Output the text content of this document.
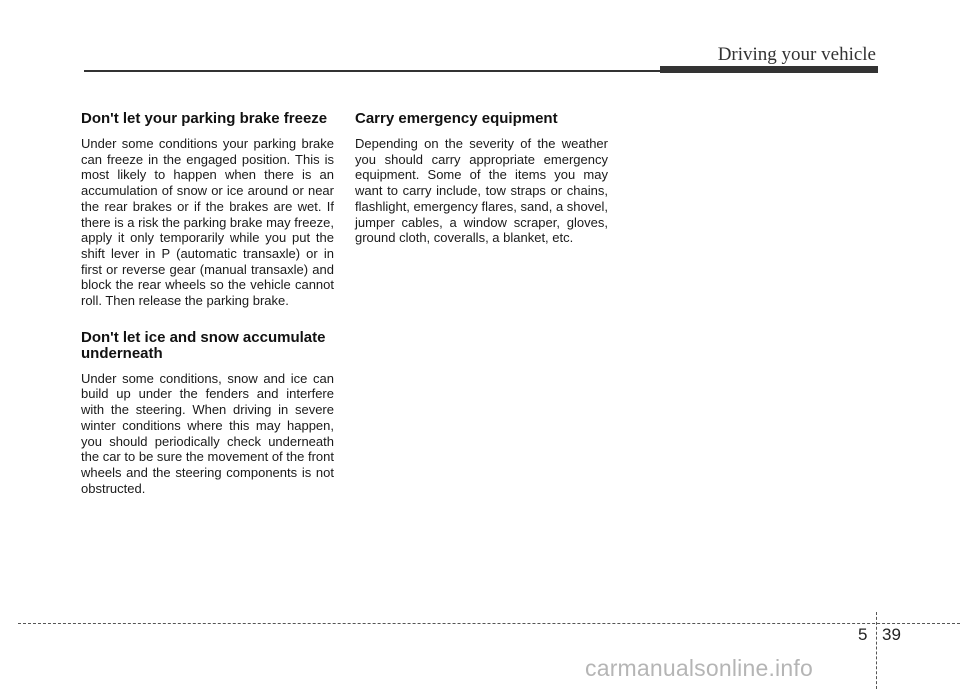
Driving your vehicle
Don't let your parking brake freeze

Under some conditions your parking brake can freeze in the engaged position. This is most likely to happen when there is an accumulation of snow or ice around or near the rear brakes or if the brakes are wet. If there is a risk the parking brake may freeze, apply it only temporarily while you put the shift lever in P (automatic transaxle) or in first or reverse gear (manual transaxle) and block the rear wheels so the vehicle cannot roll. Then release the parking brake.

Don't let ice and snow accumulate underneath

Under some conditions, snow and ice can build up under the fenders and interfere with the steering. When driving in severe winter conditions where this may happen, you should periodically check underneath the car to be sure the movement of the front wheels and the steering components is not obstructed.

Carry emergency equipment

Depending on the severity of the weather you should carry appropriate emergency equipment. Some of the items you may want to carry include, tow straps or chains, flashlight, emergency flares, sand, a shovel, jumper cables, a window scraper, gloves, ground cloth, coveralls, a blanket, etc.

5 39
carmanualsonline.info
